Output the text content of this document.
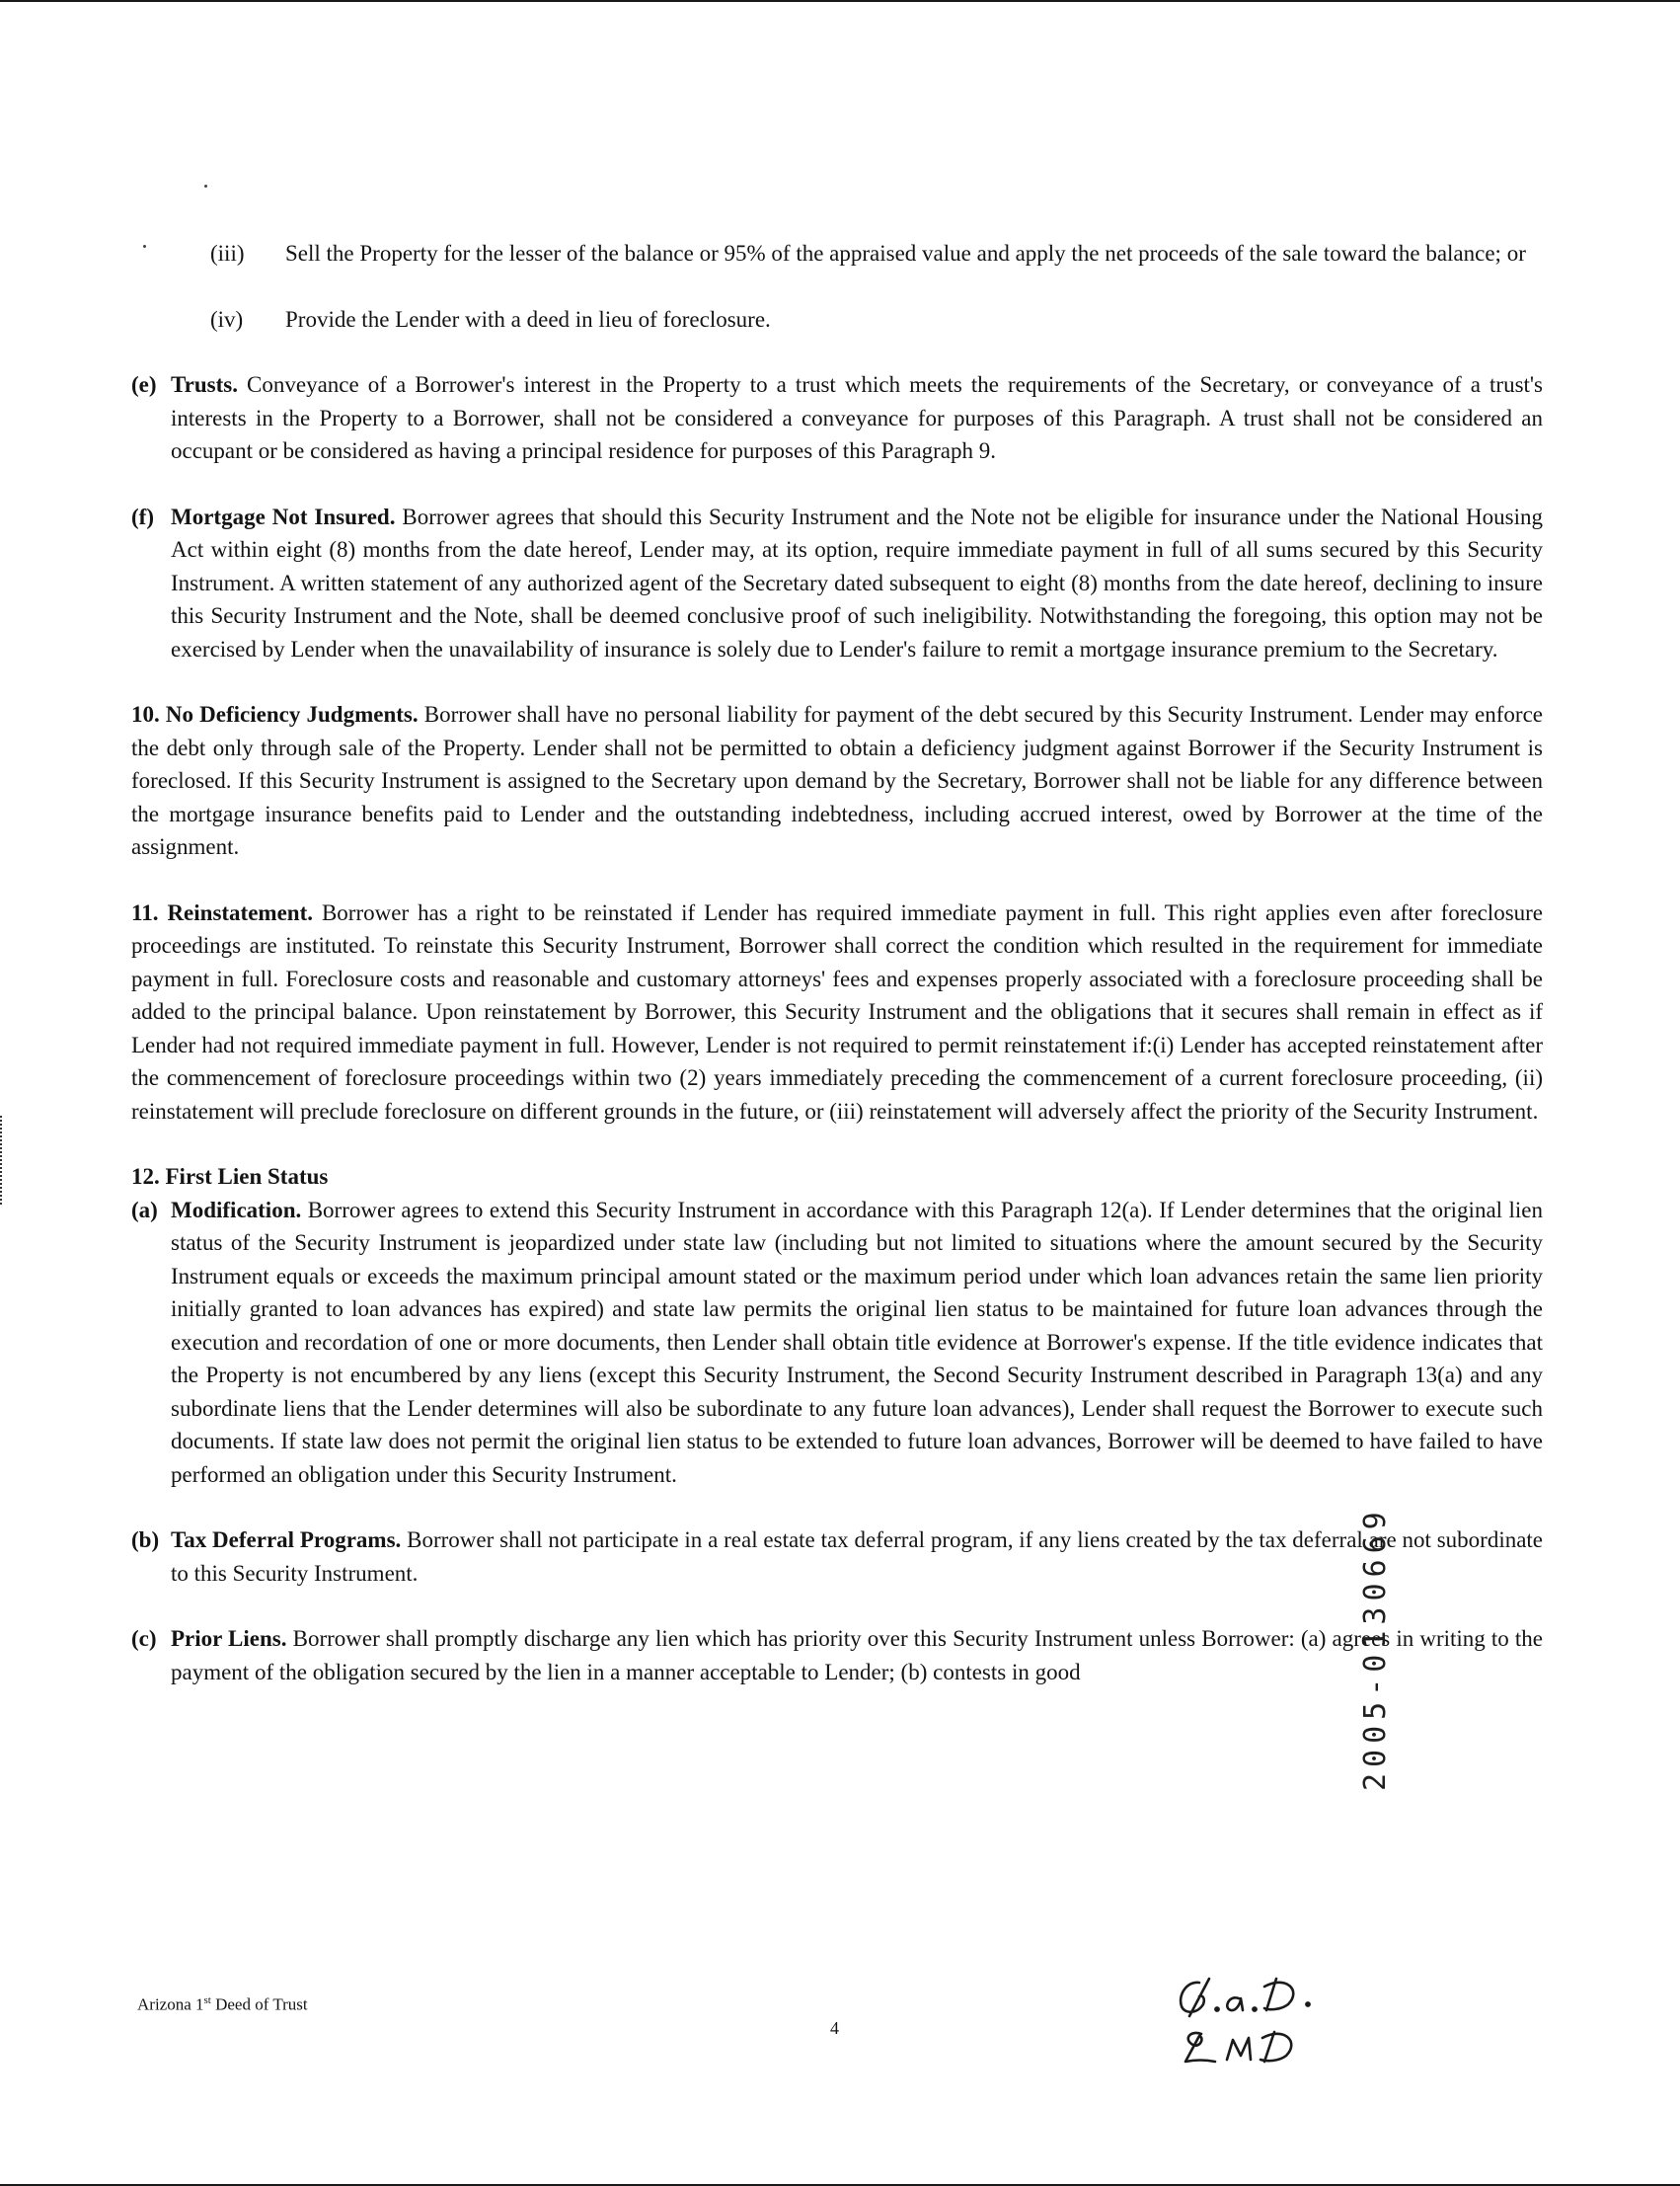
(iii) Sell the Property for the lesser of the balance or 95% of the appraised value and apply the net proceeds of the sale toward the balance; or

(iv) Provide the Lender with a deed in lieu of foreclosure.

(e) Trusts. Conveyance of a Borrower's interest in the Property to a trust which meets the requirements of the Secretary, or conveyance of a trust's interests in the Property to a Borrower, shall not be considered a conveyance for purposes of this Paragraph. A trust shall not be considered an occupant or be considered as having a principal residence for purposes of this Paragraph 9.

(f) Mortgage Not Insured. Borrower agrees that should this Security Instrument and the Note not be eligible for insurance under the National Housing Act within eight (8) months from the date hereof, Lender may, at its option, require immediate payment in full of all sums secured by this Security Instrument. A written statement of any authorized agent of the Secretary dated subsequent to eight (8) months from the date hereof, declining to insure this Security Instrument and the Note, shall be deemed conclusive proof of such ineligibility. Notwithstanding the foregoing, this option may not be exercised by Lender when the unavailability of insurance is solely due to Lender's failure to remit a mortgage insurance premium to the Secretary.

10. No Deficiency Judgments. Borrower shall have no personal liability for payment of the debt secured by this Security Instrument. Lender may enforce the debt only through sale of the Property. Lender shall not be permitted to obtain a deficiency judgment against Borrower if the Security Instrument is foreclosed. If this Security Instrument is assigned to the Secretary upon demand by the Secretary, Borrower shall not be liable for any difference between the mortgage insurance benefits paid to Lender and the outstanding indebtedness, including accrued interest, owed by Borrower at the time of the assignment.

11. Reinstatement. Borrower has a right to be reinstated if Lender has required immediate payment in full. This right applies even after foreclosure proceedings are instituted. To reinstate this Security Instrument, Borrower shall correct the condition which resulted in the requirement for immediate payment in full. Foreclosure costs and reasonable and customary attorneys' fees and expenses properly associated with a foreclosure proceeding shall be added to the principal balance. Upon reinstatement by Borrower, this Security Instrument and the obligations that it secures shall remain in effect as if Lender had not required immediate payment in full. However, Lender is not required to permit reinstatement if:(i) Lender has accepted reinstatement after the commencement of foreclosure proceedings within two (2) years immediately preceding the commencement of a current foreclosure proceeding, (ii) reinstatement will preclude foreclosure on different grounds in the future, or (iii) reinstatement will adversely affect the priority of the Security Instrument.

12. First Lien Status

(a) Modification. Borrower agrees to extend this Security Instrument in accordance with this Paragraph 12(a). If Lender determines that the original lien status of the Security Instrument is jeopardized under state law (including but not limited to situations where the amount secured by the Security Instrument equals or exceeds the maximum principal amount stated or the maximum period under which loan advances retain the same lien priority initially granted to loan advances has expired) and state law permits the original lien status to be maintained for future loan advances through the execution and recordation of one or more documents, then Lender shall obtain title evidence at Borrower's expense. If the title evidence indicates that the Property is not encumbered by any liens (except this Security Instrument, the Second Security Instrument described in Paragraph 13(a) and any subordinate liens that the Lender determines will also be subordinate to any future loan advances), Lender shall request the Borrower to execute such documents. If state law does not permit the original lien status to be extended to future loan advances, Borrower will be deemed to have failed to have performed an obligation under this Security Instrument.

(b) Tax Deferral Programs. Borrower shall not participate in a real estate tax deferral program, if any liens created by the tax deferral are not subordinate to this Security Instrument.

(c) Prior Liens. Borrower shall promptly discharge any lien which has priority over this Security Instrument unless Borrower: (a) agrees in writing to the payment of the obligation secured by the lien in a manner acceptable to Lender; (b) contests in good

Arizona 1st Deed of Trust
4
2005-0130669
